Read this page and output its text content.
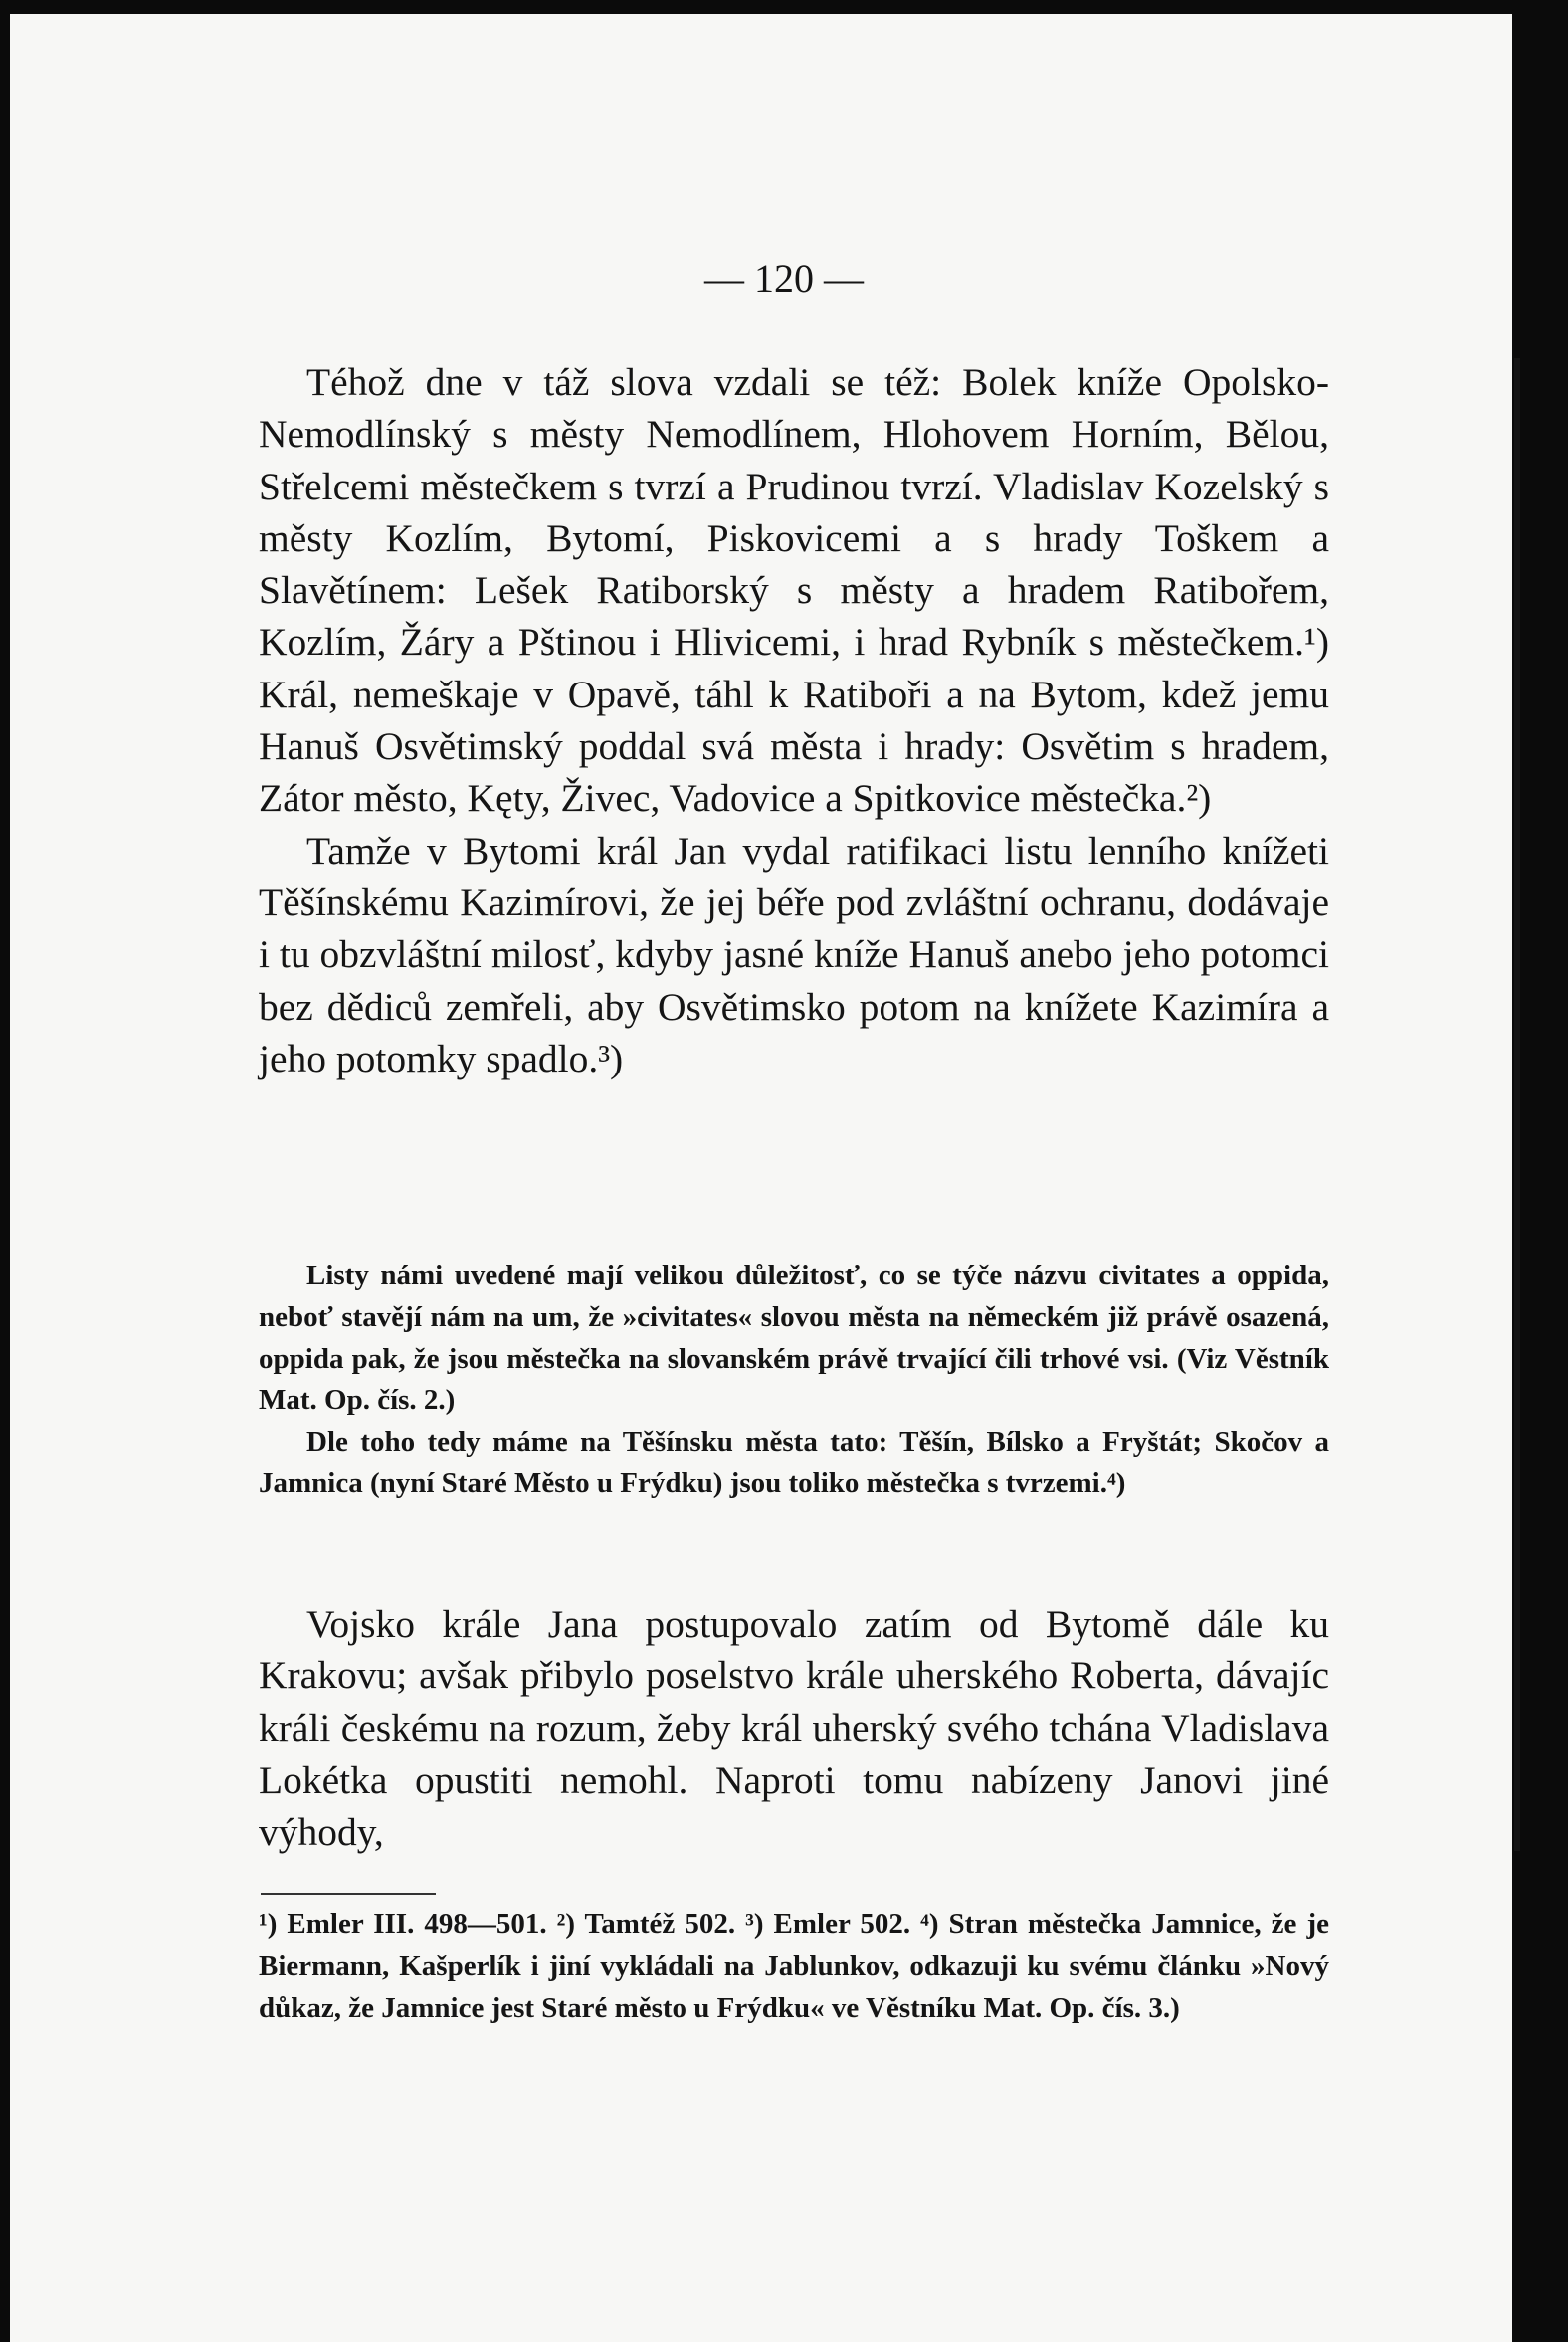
— 120 —

Téhož dne v táž slova vzdali se též: Bolek kníže Opolsko-Nemodlínský s městy Nemodlínem, Hlohovem Horním, Bělou, Střelcemi městečkem s tvrzí a Prudinou tvrzí. Vladislav Kozelský s městy Kozlím, Bytomí, Piskovicemi a s hrady Toškem a Slavětínem: Lešek Ratiborský s městy a hradem Ratibořem, Kozlím, Žáry a Pštinou i Hlivicemi, i hrad Rybník s městečkem.¹) Král, nemeškaje v Opavě, táhl k Ratiboři a na Bytom, kdež jemu Hanuš Osvětimský poddal svá města i hrady: Osvětim s hradem, Zátor město, Kęty, Živec, Vadovice a Spitkovice městečka.²)

Tamže v Bytomi král Jan vydal ratifikaci listu lenního knížeti Těšínskému Kazimírovi, že jej béře pod zvláštní ochranu, dodávaje i tu obzvláštní milosť, kdyby jasné kníže Hanuš anebo jeho potomci bez dědiců zemřeli, aby Osvětimsko potom na knížete Kazimíra a jeho potomky spadlo.³)

Listy námi uvedené mají velikou důležitosť, co se týče názvu civitates a oppida, neboť stavějí nám na um, že »civitates« slovou města na německém již právě osazená, oppida pak, že jsou městečka na slovanském právě trvající čili trhové vsi. (Viz Věstník Mat. Op. čís. 2.)

Dle toho tedy máme na Těšínsku města tato: Těšín, Bílsko a Fryštát; Skočov a Jamnica (nyní Staré Město u Frýdku) jsou toliko městečka s tvrzemi.⁴)

Vojsko krále Jana postupovalo zatím od Bytomě dále ku Krakovu; avšak přibylo poselstvo krále uherského Roberta, dávajíc králi českému na rozum, žeby král uherský svého tchána Vladislava Lokétka opustiti nemohl. Naproti tomu nabízeny Janovi jiné výhody,

¹) Emler III. 498—501. ²) Tamtéž 502. ³) Emler 502. ⁴) Stran městečka Jamnice, že je Biermann, Kašperlík i jiní vykládali na Jablunkov, odkazuji ku svému článku »Nový důkaz, že Jamnice jest Staré město u Frýdku« ve Věstníku Mat. Op. čís. 3.)
